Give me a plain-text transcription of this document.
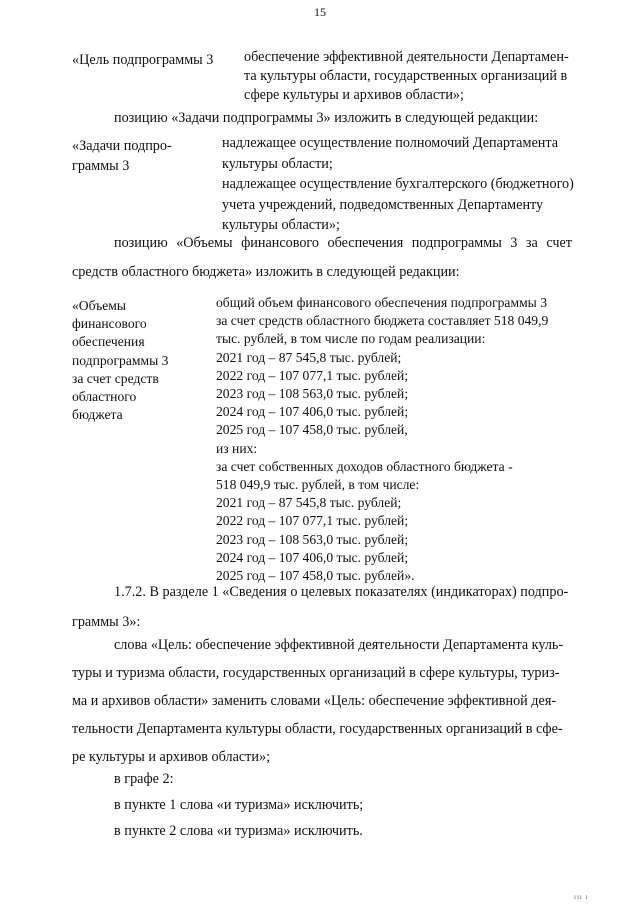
15
«Цель подпрограммы 3 обеспечение эффективной деятельности Департамен-
та культуры области, государственных организаций в
сфере культуры и архивов области»;
позицию «Задачи подпрограммы 3» изложить в следующей редакции:
«Задачи подпро-
граммы 3
надлежащее осуществление полномочий Департамента
культуры области;
надлежащее осуществление бухгалтерского (бюджетного)
учета учреждений, подведомственных Департаменту
культуры области»;
позицию «Объемы финансового обеспечения подпрограммы 3 за счет
средств областного бюджета» изложить в следующей редакции:
«Объемы
финансового
обеспечения
подпрограммы 3
за счет средств
областного
бюджета
общий объем финансового обеспечения подпрограммы 3
за счет средств областного бюджета составляет 518 049,9
тыс. рублей, в том числе по годам реализации:
2021 год – 87 545,8 тыс. рублей;
2022 год – 107 077,1 тыс. рублей;
2023 год – 108 563,0 тыс. рублей;
2024 год – 107 406,0 тыс. рублей;
2025 год – 107 458,0 тыс. рублей,
из них:
за счет собственных доходов областного бюджета -
518 049,9 тыс. рублей, в том числе:
2021 год – 87 545,8 тыс. рублей;
2022 год – 107 077,1 тыс. рублей;
2023 год – 108 563,0 тыс. рублей;
2024 год – 107 406,0 тыс. рублей;
2025 год – 107 458,0 тыс. рублей».
1.7.2. В разделе 1 «Сведения о целевых показателях (индикаторах) подпро-
граммы 3»:
слова «Цель: обеспечение эффективной деятельности Департамента куль-
туры и туризма области, государственных организаций в сфере культуры, туриз-
ма и архивов области» заменить словами «Цель: обеспечение эффективной дея-
тельности Департамента культуры области, государственных организаций в сфе-
ре культуры и архивов области»;
в графе 2:
в пункте 1 слова «и туризма» исключить;
в пункте 2 слова «и туризма» исключить.
ııı ı
